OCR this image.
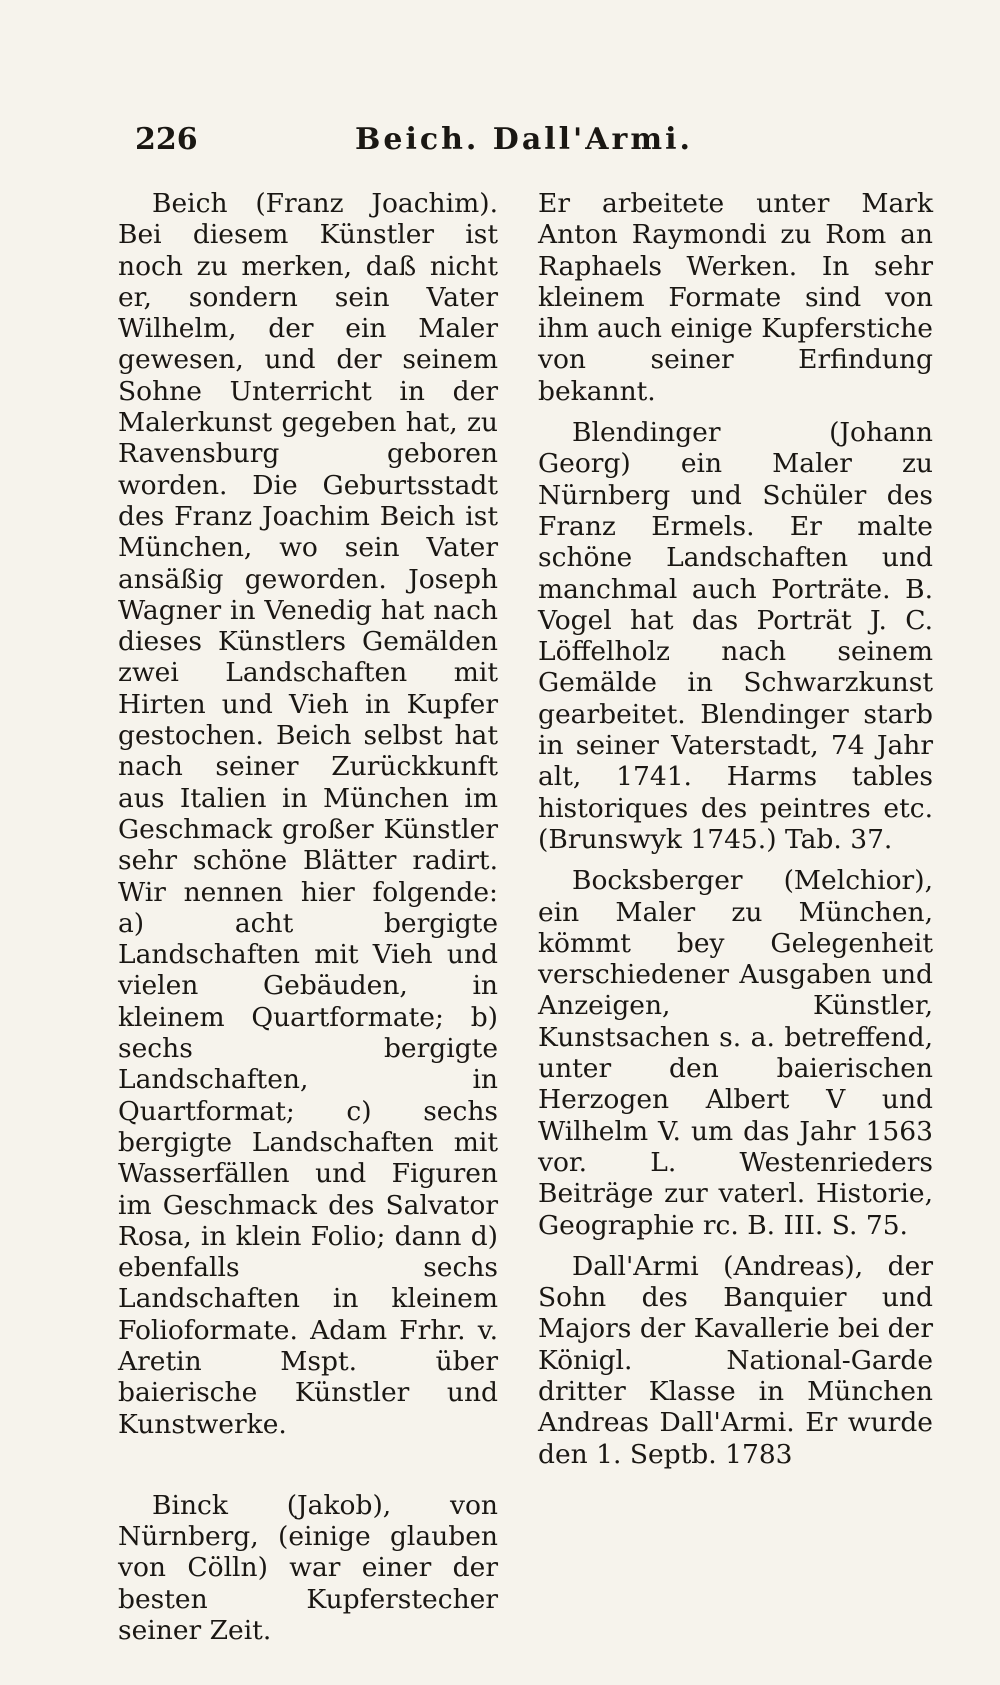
226	Beich. Dall'Armi.

Beich (Franz Joachim). Bei diesem Künstler ist noch zu merken, daß nicht er, sondern sein Vater Wilhelm, der ein Maler gewesen, und der seinem Sohne Unterricht in der Malerkunst gegeben hat, zu Ravensburg geboren worden. Die Geburtsstadt des Franz Joachim Beich ist München, wo sein Vater ansäßig geworden. Joseph Wagner in Venedig hat nach dieses Künstlers Gemälden zwei Landschaften mit Hirten und Vieh in Kupfer gestochen. Beich selbst hat nach seiner Zurückkunft aus Italien in München im Geschmack großer Künstler sehr schöne Blätter radirt. Wir nennen hier folgende: a) acht bergigte Landschaften mit Vieh und vielen Gebäuden, in kleinem Quartformate; b) sechs bergigte Landschaften, in Quartformat; c) sechs bergigte Landschaften mit Wasserfällen und Figuren im Geschmack des Salvator Rosa, in klein Folio; dann d) ebenfalls sechs Landschaften in kleinem Folioformate. Adam Frhr. v. Aretin Mspt. über baierische Künstler und Kunstwerke.

Binck (Jakob), von Nürnberg, (einige glauben von Cölln) war einer der besten Kupferstecher seiner Zeit.

Er arbeitete unter Mark Anton Raymondi zu Rom an Raphaels Werken. In sehr kleinem Formate sind von ihm auch einige Kupferstiche von seiner Erfindung bekannt.

Blendinger (Johann Georg) ein Maler zu Nürnberg und Schüler des Franz Ermels. Er malte schöne Landschaften und manchmal auch Porträte. B. Vogel hat das Porträt J. C. Löffelholz nach seinem Gemälde in Schwarzkunst gearbeitet. Blendinger starb in seiner Vaterstadt, 74 Jahr alt, 1741. Harms tables historiques des peintres etc. (Brunswyk 1745.) Tab. 37.

Bocksberger (Melchior), ein Maler zu München, kömmt bey Gelegenheit verschiedener Ausgaben und Anzeigen, Künstler, Kunstsachen s. a. betreffend, unter den baierischen Herzogen Albert V und Wilhelm V. um das Jahr 1563 vor. L. Westenrieders Beiträge zur vaterl. Historie, Geographie rc. B. III. S. 75.

Dall'Armi (Andreas), der Sohn des Banquier und Majors der Kavallerie bei der Königl. National-Garde dritter Klasse in München Andreas Dall'Armi. Er wurde den 1. Septb. 1783
